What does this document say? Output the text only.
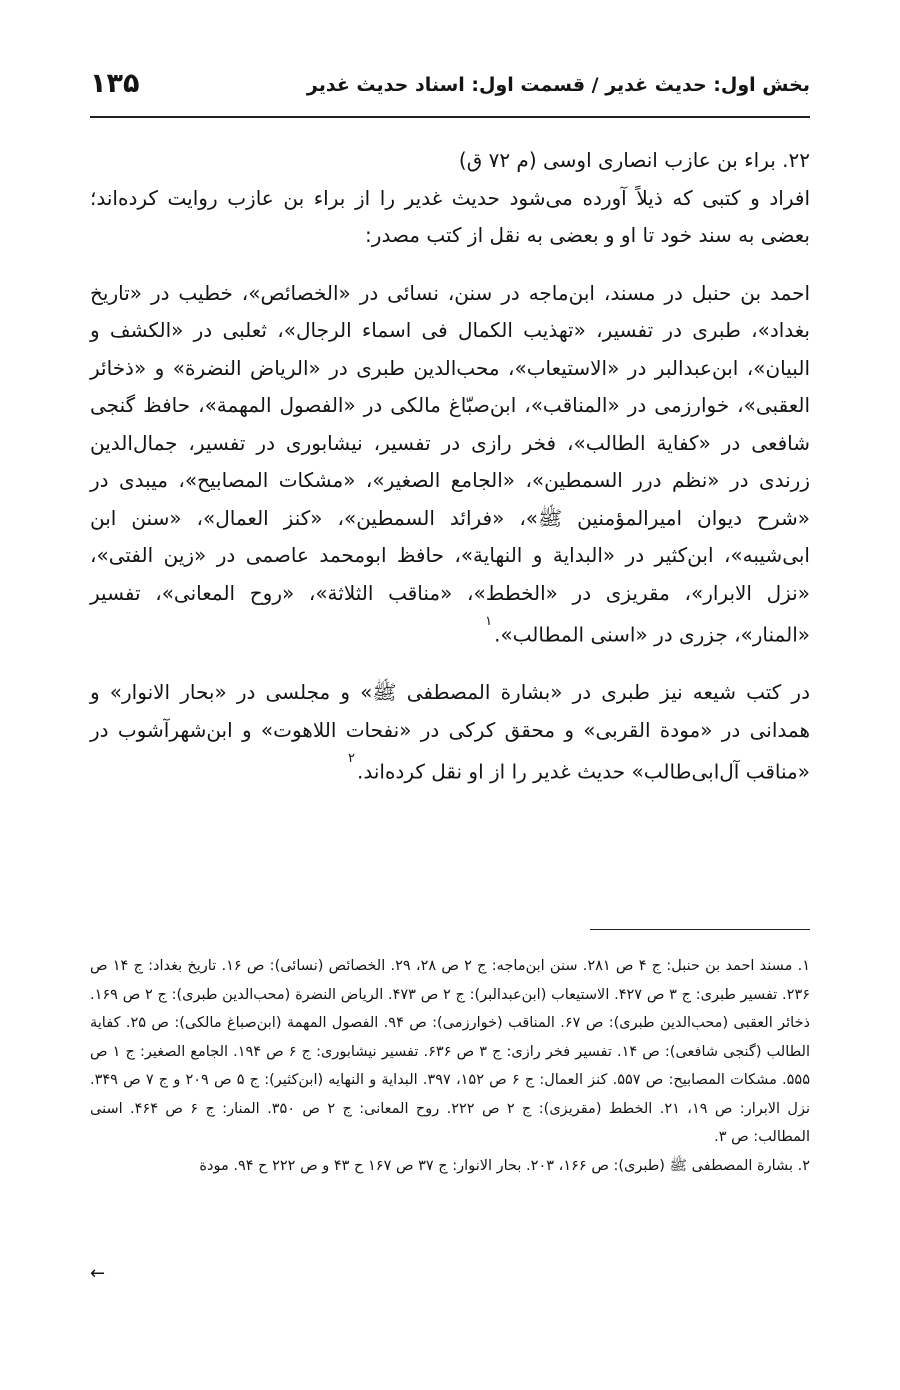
بخش اول: حدیث غدیر / قسمت اول: اسناد حدیث غدیر
۱۳۵

۲۲. براء بن عازب انصاری اوسی (م ۷۲ ق)

افراد و کتبی که ذیلاً آورده می‌شود حدیث غدیر را از براء بن عازب روایت کرده‌اند؛ بعضی به سند خود تا او و بعضی به نقل از کتب مصدر:

احمد بن حنبل در مسند، ابن‌ماجه در سنن، نسائی در «الخصائص»، خطیب در «تاریخ بغداد»، طبری در تفسیر، «تهذیب الکمال فی اسماء الرجال»، ثعلبی در «الکشف و البیان»، ابن‌عبدالبر در «الاستیعاب»، محب‌الدین طبری در «الریاض النضرة» و «ذخائر العقبی»، خوارزمی در «المناقب»، ابن‌صبّاغ مالکی در «الفصول المهمة»، حافظ گنجی شافعی در «کفایة الطالب»، فخر رازی در تفسیر، نیشابوری در تفسیر، جمال‌الدین زرندی در «نظم درر السمطین»، «الجامع الصغیر»، «مشکات المصابیح»، میبدی در «شرح دیوان امیرالمؤمنین ﷺ»، «فرائد السمطین»، «کنز العمال»، «سنن ابن ابی‌شیبه»، ابن‌کثیر در «البدایة و النهایة»، حافظ ابومحمد عاصمی در «زین الفتی»، «نزل الابرار»، مقریزی در «الخطط»، «مناقب الثلاثة»، «روح المعانی»، تفسیر «المنار»، جزری در «اسنی المطالب».$^۱$

در کتب شیعه نیز طبری در «بشارة المصطفی ﷺ» و مجلسی در «بحار الانوار» و همدانی در «مودة القربی» و محقق کرکی در «نفحات اللاهوت» و ابن‌شهرآشوب در «مناقب آل‌ابی‌طالب» حدیث غدیر را از او نقل کرده‌اند.$^۲$

۱. مسند احمد بن حنبل: ج ۴ ص ۲۸۱. سنن ابن‌ماجه: ج ۲ ص ۲۸، ۲۹. الخصائص (نسائی): ص ۱۶. تاریخ بغداد: ج ۱۴ ص ۲۳۶. تفسیر طبری: ج ۳ ص ۴۲۷. الاستیعاب (ابن‌عبدالبر): ج ۲ ص ۴۷۳. الریاض النضرة (محب‌الدین طبری): ج ۲ ص ۱۶۹. ذخائر العقبی (محب‌الدین طبری): ص ۶۷. المناقب (خوارزمی): ص ۹۴. الفصول المهمة (ابن‌صباغ مالکی): ص ۲۵. کفایة الطالب (گنجی شافعی): ص ۱۴. تفسیر فخر رازی: ج ۳ ص ۶۳۶. تفسیر نیشابوری: ج ۶ ص ۱۹۴. الجامع الصغیر: ج ۱ ص ۵۵۵. مشکات المصابیح: ص ۵۵۷. کنز العمال: ج ۶ ص ۱۵۲، ۳۹۷. البدایة و النهایه (ابن‌کثیر): ج ۵ ص ۲۰۹ و ج ۷ ص ۳۴۹. نزل الابرار: ص ۱۹، ۲۱. الخطط (مقریزی): ج ۲ ص ۲۲۲. روح المعانی: ج ۲ ص ۳۵۰. المنار: ج ۶ ص ۴۶۴. اسنی المطالب: ص ۳.

۲. بشارة المصطفی ﷺ (طبری): ص ۱۶۶، ۲۰۳. بحار الانوار: ج ۳۷ ص ۱۶۷ ح ۴۳ و ص ۲۲۲ ح ۹۴. مودة

←
